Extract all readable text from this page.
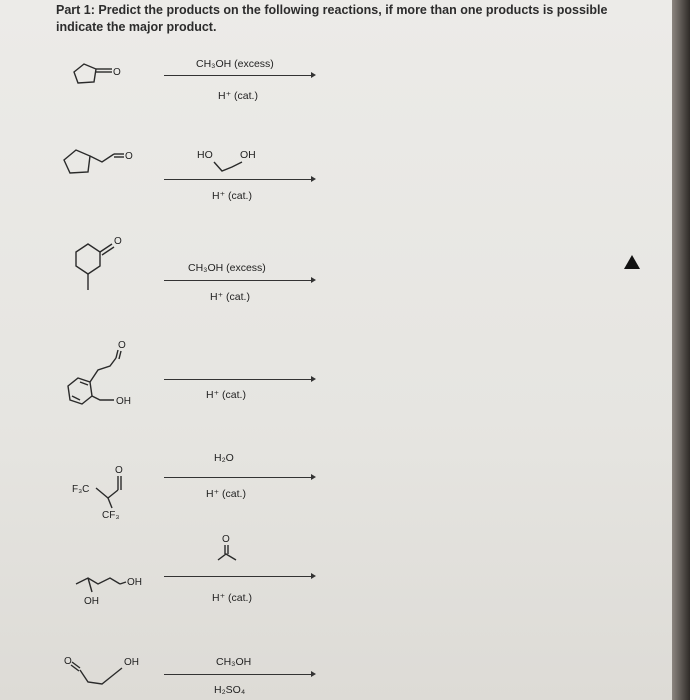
Part 1: Predict the products on the following reactions, if more than one products is possible indicate the major product.
O
CH₃OH (excess)
H⁺ (cat.)
O	HO	OH
H⁺ (cat.)
O
CH₃OH (excess)
H⁺ (cat.)
O
OH
H⁺ (cat.)
F₃C
O
CF₃
H₂O
H⁺ (cat.)
OH
OH
O
H⁺ (cat.)
O	OH	CH₃OH
H₂SO₄
